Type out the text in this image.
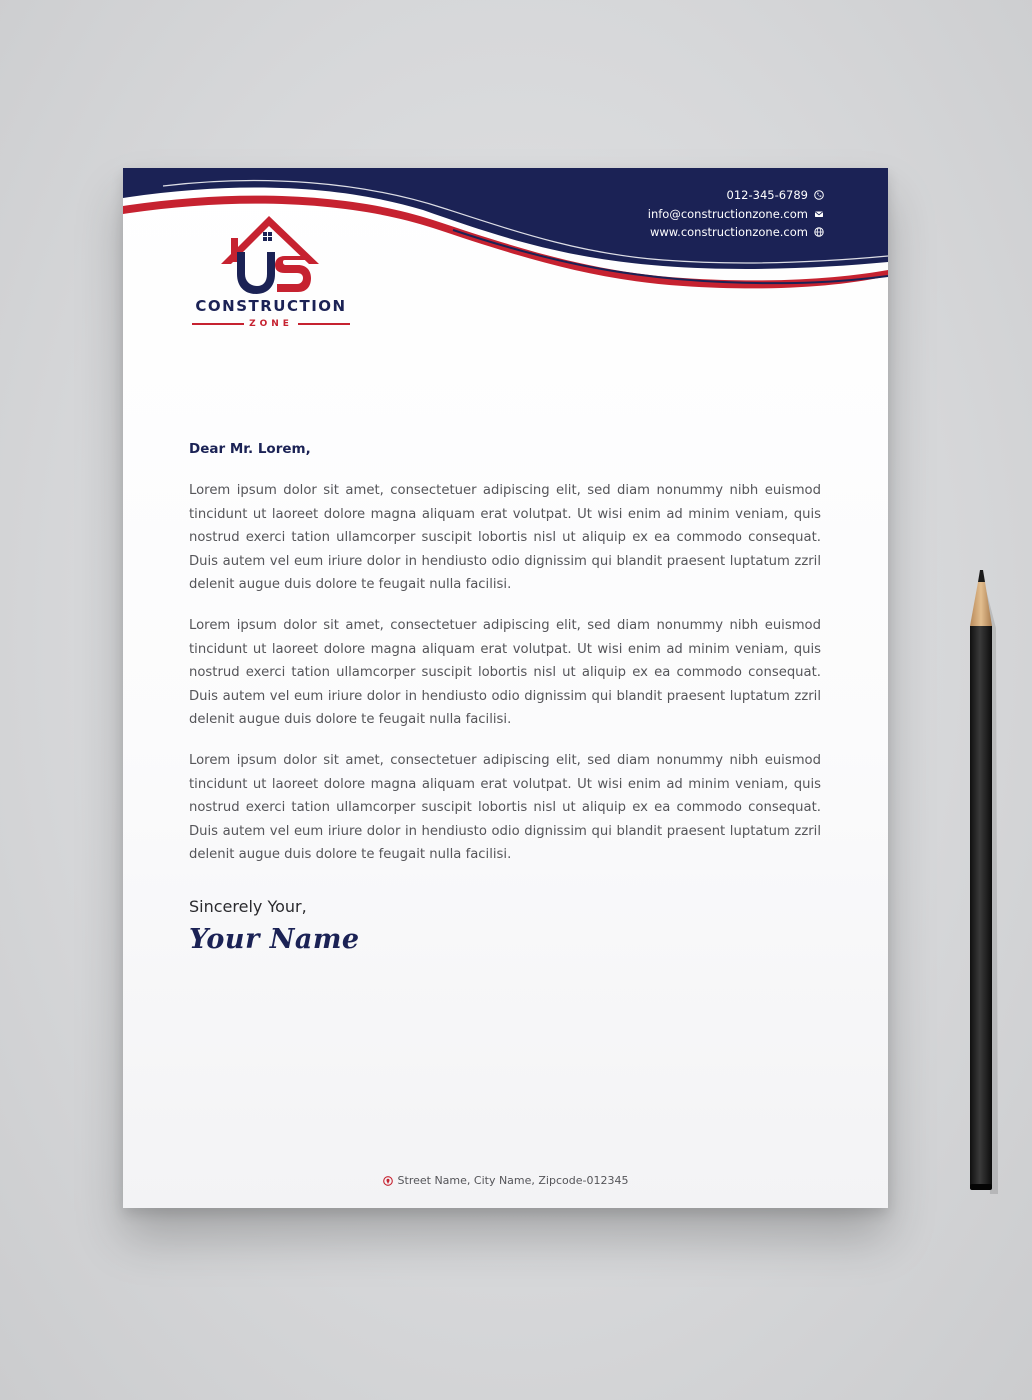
012-345-6789
info@constructionzone.com
www.constructionzone.com
CONSTRUCTION
ZONE
Dear Mr. Lorem,

Lorem ipsum dolor sit amet, consectetuer adipiscing elit, sed diam nonummy nibh euismod tincidunt ut laoreet dolore magna aliquam erat volutpat. Ut wisi enim ad minim veniam, quis nostrud exerci tation ullamcorper suscipit lobortis nisl ut aliquip ex ea commodo consequat. Duis autem vel eum iriure dolor in hendiusto odio dignissim qui blandit praesent luptatum zzril delenit augue duis dolore te feugait nulla facilisi.

Lorem ipsum dolor sit amet, consectetuer adipiscing elit, sed diam nonummy nibh euismod tincidunt ut laoreet dolore magna aliquam erat volutpat. Ut wisi enim ad minim veniam, quis nostrud exerci tation ullamcorper suscipit lobortis nisl ut aliquip ex ea commodo consequat. Duis autem vel eum iriure dolor in hendiusto odio dignissim qui blandit praesent luptatum zzril delenit augue duis dolore te feugait nulla facilisi.

Lorem ipsum dolor sit amet, consectetuer adipiscing elit, sed diam nonummy nibh euismod tincidunt ut laoreet dolore magna aliquam erat volutpat. Ut wisi enim ad minim veniam, quis nostrud exerci tation ullamcorper suscipit lobortis nisl ut aliquip ex ea commodo consequat. Duis autem vel eum iriure dolor in hendiusto odio dignissim qui blandit praesent luptatum zzril delenit augue duis dolore te feugait nulla facilisi.

Sincerely Your,
Your Name
Street Name, City Name, Zipcode-012345
